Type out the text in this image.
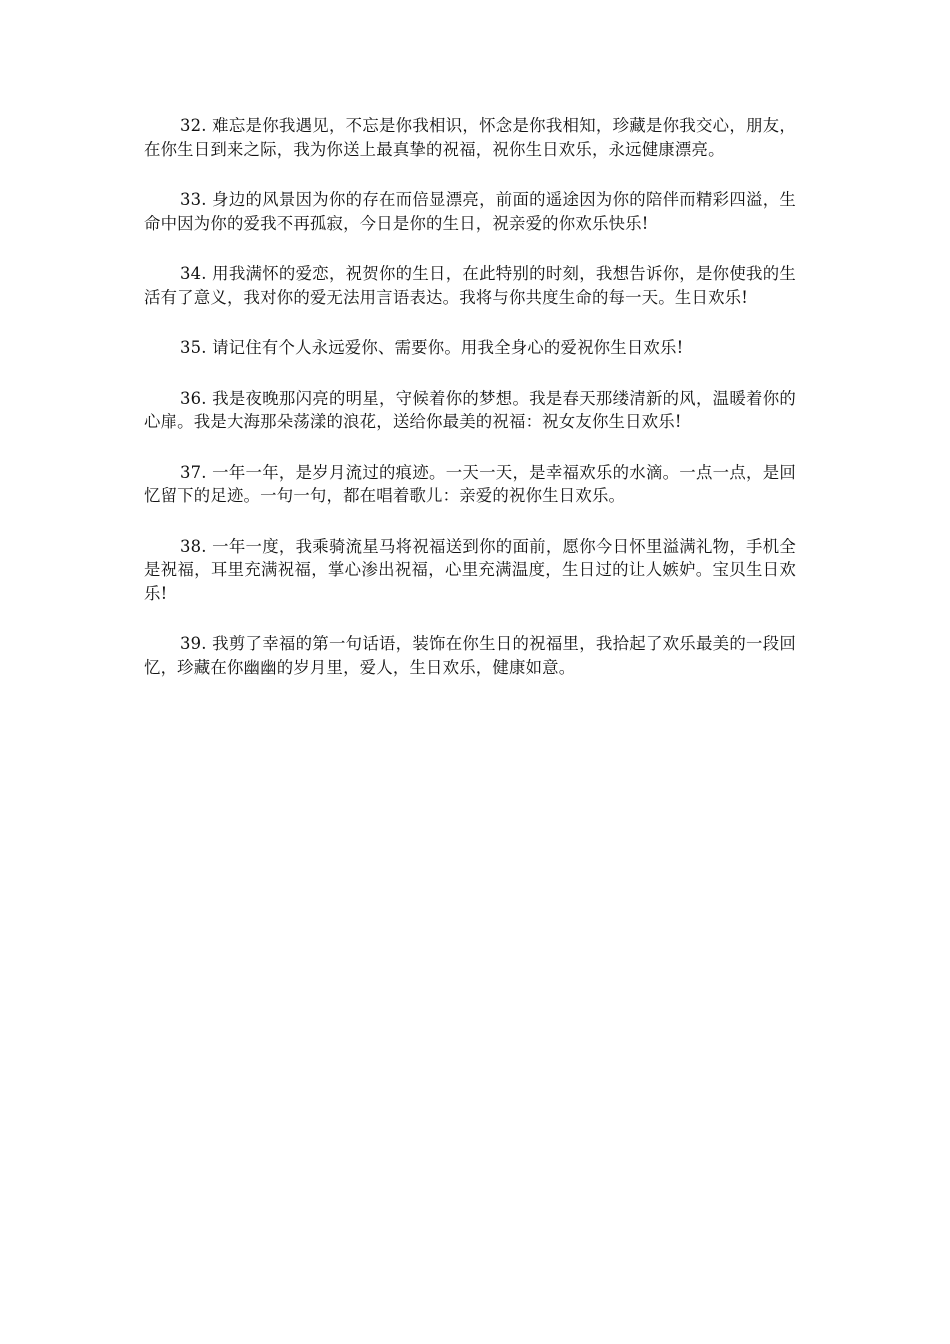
32. 难忘是你我遇见，不忘是你我相识，怀念是你我相知，珍藏是你我交心，朋友，在你生日到来之际，我为你送上最真挚的祝福，祝你生日欢乐，永远健康漂亮。

33. 身边的风景因为你的存在而倍显漂亮，前面的遥途因为你的陪伴而精彩四溢，生命中因为你的爱我不再孤寂，今日是你的生日，祝亲爱的你欢乐快乐!

34. 用我满怀的爱恋，祝贺你的生日，在此特别的时刻，我想告诉你，是你使我的生活有了意义，我对你的爱无法用言语表达。我将与你共度生命的每一天。生日欢乐!

35. 请记住有个人永远爱你、需要你。用我全身心的爱祝你生日欢乐!

36. 我是夜晚那闪亮的明星，守候着你的梦想。我是春天那缕清新的风，温暖着你的心扉。我是大海那朵荡漾的浪花，送给你最美的祝福：祝女友你生日欢乐!

37. 一年一年，是岁月流过的痕迹。一天一天，是幸福欢乐的水滴。一点一点，是回忆留下的足迹。一句一句，都在唱着歌儿：亲爱的祝你生日欢乐。

38. 一年一度，我乘骑流星马将祝福送到你的面前，愿你今日怀里溢满礼物，手机全是祝福，耳里充满祝福，掌心渗出祝福，心里充满温度，生日过的让人嫉妒。宝贝生日欢乐!

39. 我剪了幸福的第一句话语，装饰在你生日的祝福里，我拾起了欢乐最美的一段回忆，珍藏在你幽幽的岁月里，爱人，生日欢乐，健康如意。
